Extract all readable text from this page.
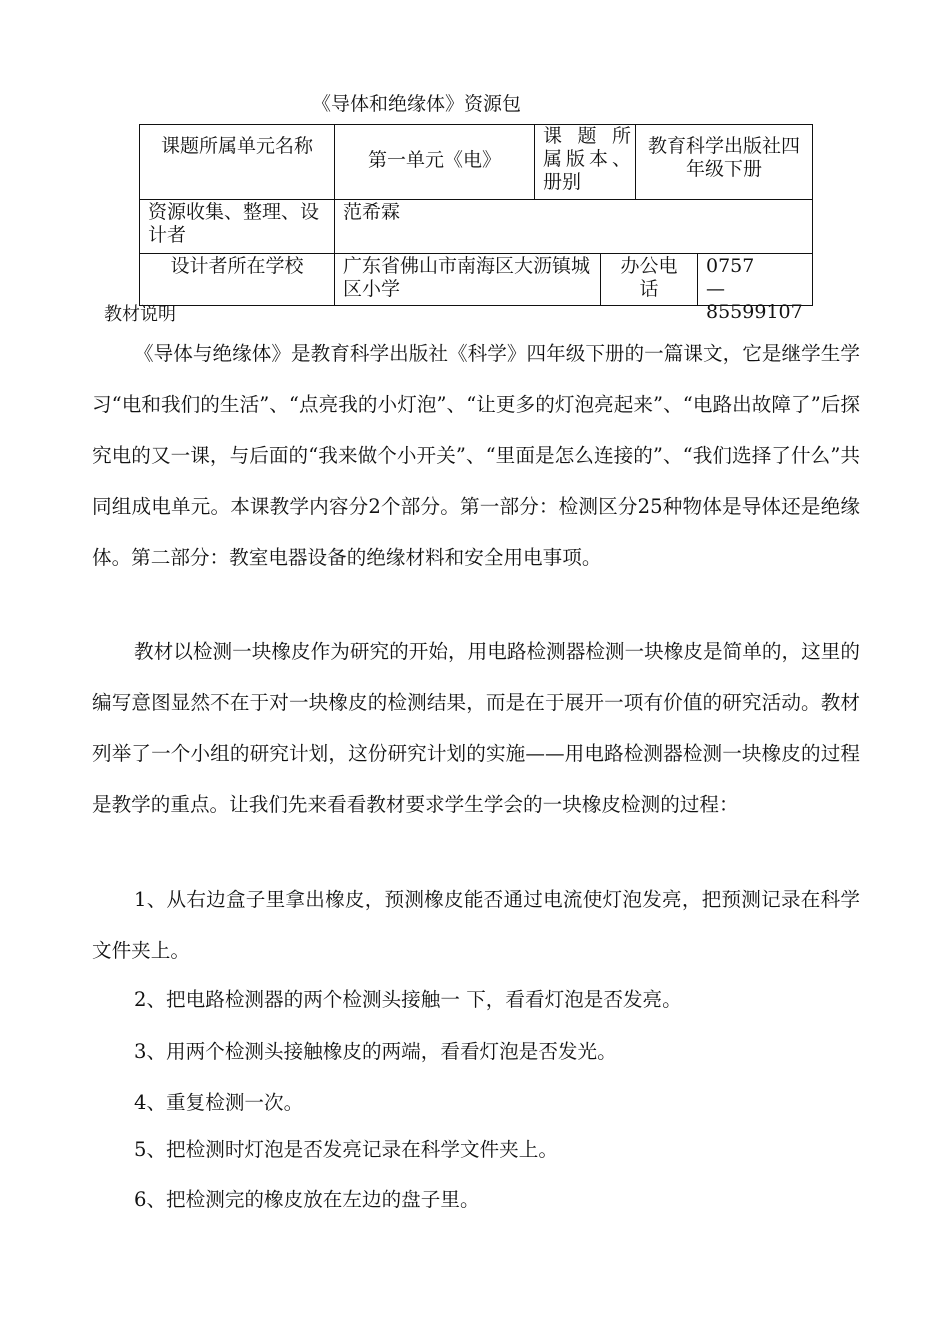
《导体和绝缘体》资源包
课题所属单元名称
第一单元《电》
课 题 所属版本、册别
教育科学出版社四年级下册
资源收集、整理、设计者
范希霖
设计者所在学校	广东省佛山市南海区大沥镇城区小学
办公电话
0757 —85599107
教材说明
《导体与绝缘体》是教育科学出版社《科学》四年级下册的一篇课文，它是继学生学习“电和我们的生活”、“点亮我的小灯泡”、“让更多的灯泡亮起来”、“电路出故障了”后探究电的又一课，与后面的“我来做个小开关”、“里面是怎么连接的”、“我们选择了什么”共同组成电单元。本课教学内容分2个部分。第一部分：检测区分25种物体是导体还是绝缘体。第二部分：教室电器设备的绝缘材料和安全用电事项。
教材以检测一块橡皮作为研究的开始，用电路检测器检测一块橡皮是简单的，这里的编写意图显然不在于对一块橡皮的检测结果，而是在于展开一项有价值的研究活动。教材列举了一个小组的研究计划，这份研究计划的实施——用电路检测器检测一块橡皮的过程是教学的重点。让我们先来看看教材要求学生学会的一块橡皮检测的过程：
1、从右边盒子里拿出橡皮，预测橡皮能否通过电流使灯泡发亮，把预测记录在科学文件夹上。
2、把电路检测器的两个检测头接触一 下，看看灯泡是否发亮。
3、用两个检测头接触橡皮的两端，看看灯泡是否发光。
4、重复检测一次。
5、把检测时灯泡是否发亮记录在科学文件夹上。
6、把检测完的橡皮放在左边的盘子里。
